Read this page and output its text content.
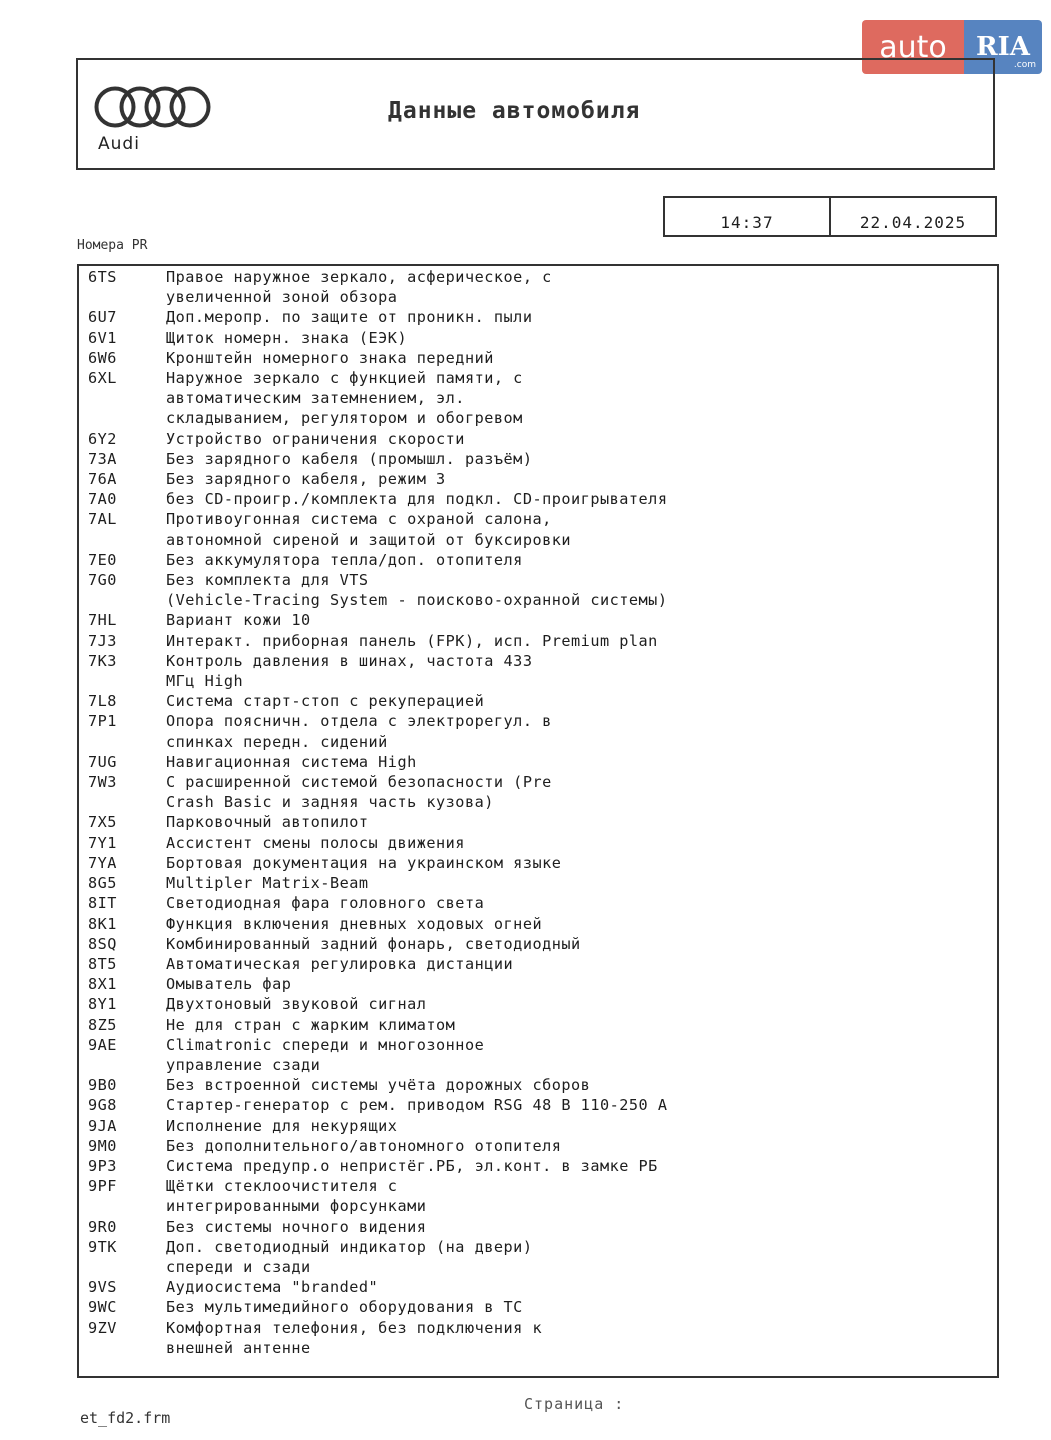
auto	RIA
.com
Audi
Данные автомобиля
14:37	22.04.2025
Номера PR
6TS	Правое наружное зеркало, асферическое, с
увеличенной зоной обзора
6U7	Доп.меропр. по защите от проникн. пыли
6V1	Щиток номерн. знака (ЕЭК)
6W6	Кронштейн номерного знака передний
6XL	Наружное зеркало с функцией памяти, с
автоматическим затемнением, эл.
складыванием, регулятором и обогревом
6Y2	Устройство ограничения скорости
73A	Без зарядного кабеля (промышл. разъём)
76A	Без зарядного кабеля, режим 3
7A0	без CD-проигр./комплекта для подкл. CD-проигрывателя
7AL	Противоугонная система с охраной салона,
автономной сиреной и защитой от буксировки
7E0	Без аккумулятора тепла/доп. отопителя
7G0	Без комплекта для VTS
(Vehicle-Tracing System - поисково-охранной системы)
7HL	Вариант кожи 10
7J3	Интеракт. приборная панель (FPK), исп. Premium plan
7K3	Контроль давления в шинах, частота 433
МГц High
7L8	Система старт-стоп с рекуперацией
7P1	Опора поясничн. отдела с электрорегул. в
спинках передн. сидений
7UG	Навигационная система High
7W3	С расширенной системой безопасности (Pre
Crash Basic и задняя часть кузова)
7X5	Парковочный автопилот
7Y1	Ассистент смены полосы движения
7YA	Бортовая документация на украинском языке
8G5	Multipler Matrix-Beam
8IT	Светодиодная фара головного света
8K1	Функция включения дневных ходовых огней
8SQ	Комбинированный задний фонарь, светодиодный
8T5	Автоматическая регулировка дистанции
8X1	Омыватель фар
8Y1	Двухтоновый звуковой сигнал
8Z5	Не для стран с жарким климатом
9AE	Climatronic спереди и многозонное
управление сзади
9B0	Без встроенной системы учёта дорожных сборов
9G8	Стартер-генератор с рем. приводом RSG 48 В 110-250 А
9JA	Исполнение для некурящих
9M0	Без дополнительного/автономного отопителя
9P3	Система предупр.о непристёг.РБ, эл.конт. в замке РБ
9PF	Щётки стеклоочистителя с
интегрированными форсунками
9R0	Без системы ночного видения
9TK	Доп. светодиодный индикатор (на двери)
спереди и сзади
9VS	Аудиосистема "branded"
9WC	Без мультимедийного оборудования в ТС
9ZV	Комфортная телефония, без подключения к
внешней антенне
et_fd2.frm
Страница :
